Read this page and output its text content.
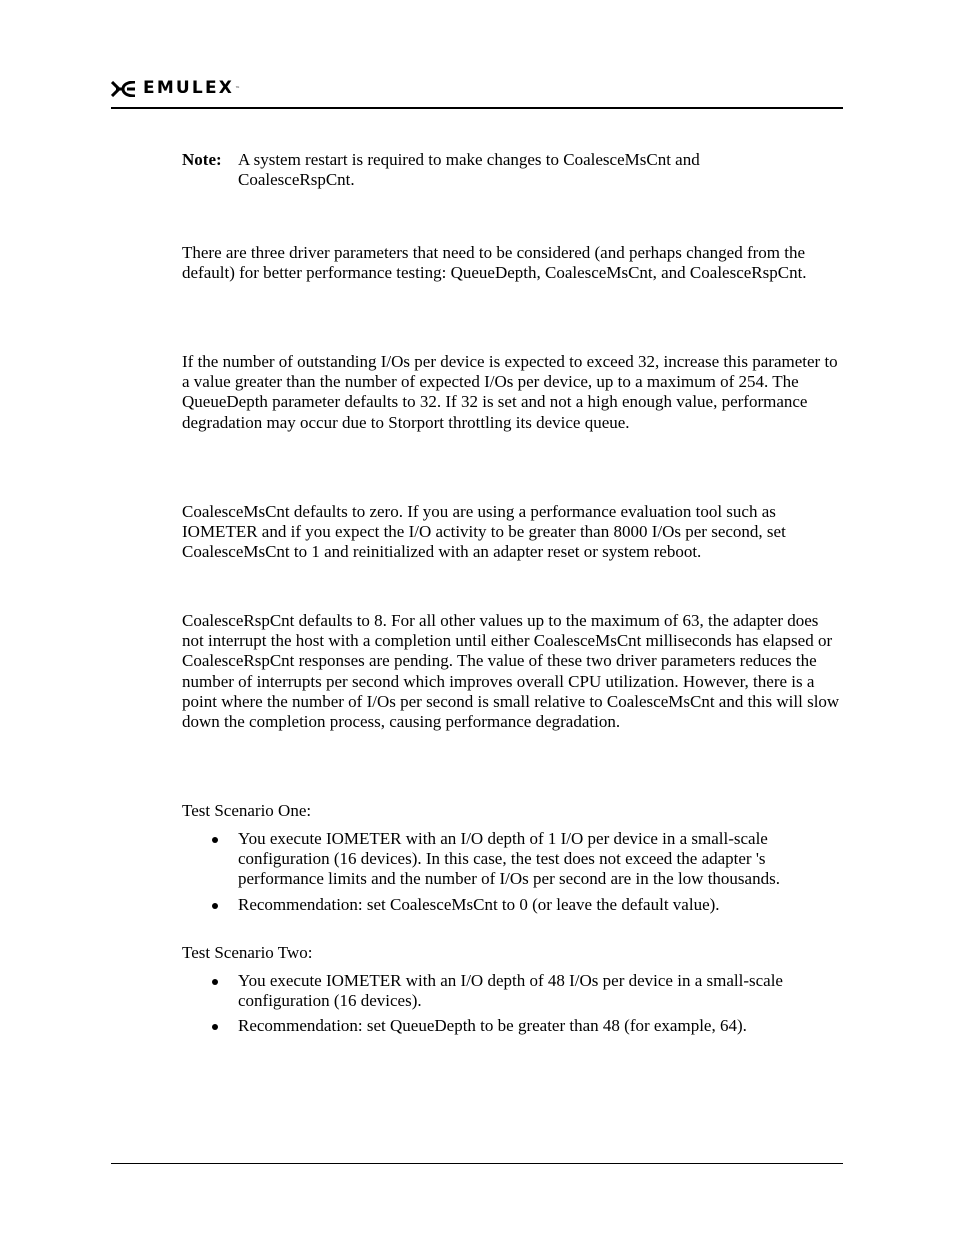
EMULEX ™
Note: A system restart is required to make changes to CoalesceMsCnt and CoalesceRspCnt.

There are three driver parameters that need to be considered (and perhaps changed from the default) for better performance testing: QueueDepth, CoalesceMsCnt, and CoalesceRspCnt.

If the number of outstanding I/Os per device is expected to exceed 32, increase this parameter to a value greater than the number of expected I/Os per device, up to a maximum of 254. The QueueDepth parameter defaults to 32. If 32 is set and not a high enough value, performance degradation may occur due to Storport throttling its device queue.

CoalesceMsCnt defaults to zero. If you are using a performance evaluation tool such as IOMETER and if you expect the I/O activity to be greater than 8000 I/Os per second, set CoalesceMsCnt to 1 and reinitialized with an adapter reset or system reboot.

CoalesceRspCnt defaults to 8. For all other values up to the maximum of 63, the adapter does not interrupt the host with a completion until either CoalesceMsCnt milliseconds has elapsed or CoalesceRspCnt responses are pending. The value of these two driver parameters reduces the number of interrupts per second which improves overall CPU utilization. However, there is a point where the number of I/Os per second is small relative to CoalesceMsCnt and this will slow down the completion process, causing performance degradation.

Test Scenario One:

You execute IOMETER with an I/O depth of 1 I/O per device in a small-scale configuration (16 devices). In this case, the test does not exceed the adapter 's performance limits and the number of I/Os per second are in the low thousands.
Recommendation: set CoalesceMsCnt to 0 (or leave the default value).

Test Scenario Two:

You execute IOMETER with an I/O depth of 48 I/Os per device in a small-scale configuration (16 devices).
Recommendation: set QueueDepth to be greater than 48 (for example, 64).
